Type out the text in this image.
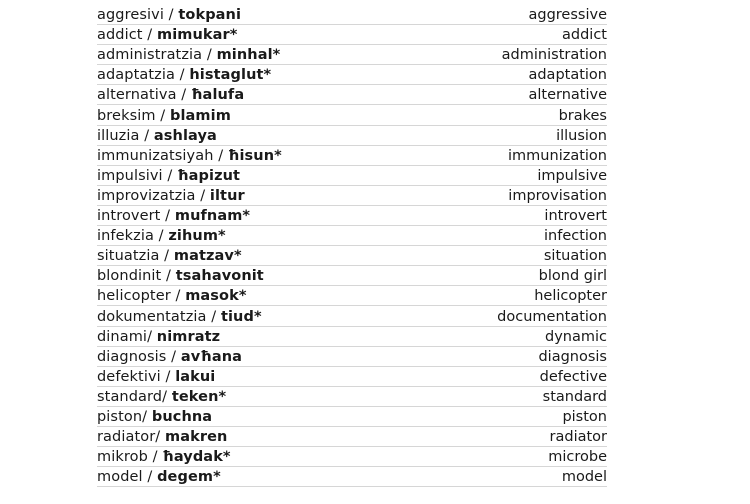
aggresivi / tokpani	aggressive
addict / mimukar*	addict
administratzia / minhal*	administration
adaptatzia / histaglut*	adaptation
alternativa / ħalufa	alternative
breksim / blamim	brakes
illuzia / ashlaya	illusion
immunizatsiyah / ħisun*	immunization
impulsivi / ħapizut	impulsive
improvizatzia / iltur	improvisation
introvert / mufnam*	introvert
infekzia / zihum*	infection
situatzia / matzav*	situation
blondinit / tsahavonit	blond girl
helicopter / masok*	helicopter
dokumentatzia / tiud*	documentation
dinami/ nimratz	dynamic
diagnosis / avħana	diagnosis
defektivi / lakui	defective
standard/ teken*	standard
piston/ buchna	piston
radiator/ makren	radiator
mikrob / ħaydak*	microbe
model / degem*	model
